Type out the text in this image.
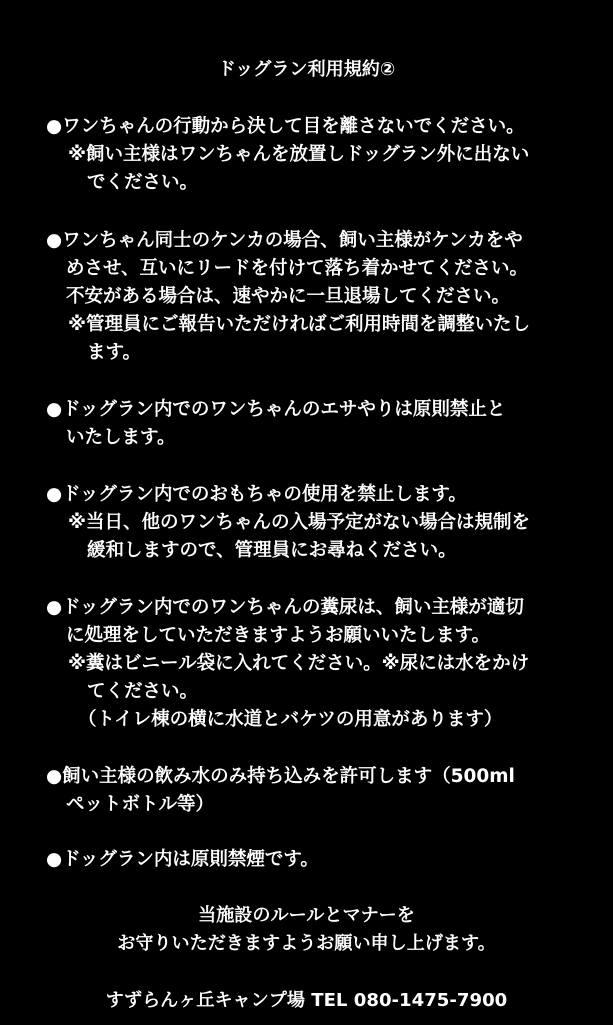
ドッグラン利用規約②
●ワンちゃんの行動から決して目を離さないでください。
※飼い主様はワンちゃんを放置しドッグラン外に出ない
でください。
●ワンちゃん同士のケンカの場合、飼い主様がケンカをや
めさせ、互いにリードを付けて落ち着かせてください。
不安がある場合は、速やかに一旦退場してください。
※管理員にご報告いただければご利用時間を調整いたし
ます。
●ドッグラン内でのワンちゃんのエサやりは原則禁止と
いたします。
●ドッグラン内でのおもちゃの使用を禁止します。
※当日、他のワンちゃんの入場予定がない場合は規制を
緩和しますので、管理員にお尋ねください。
●ドッグラン内でのワンちゃんの糞尿は、飼い主様が適切
に処理をしていただきますようお願いいたします。
※糞はビニール袋に入れてください。※尿には水をかけ
てください。
（トイレ棟の横に水道とバケツの用意があります）
●飼い主様の飲み水のみ持ち込みを許可します（500ml
ペットボトル等）
●ドッグラン内は原則禁煙です。
当施設のルールとマナーを
お守りいただきますようお願い申し上げます。
すずらんヶ丘キャンプ場 TEL 080-1475-7900
